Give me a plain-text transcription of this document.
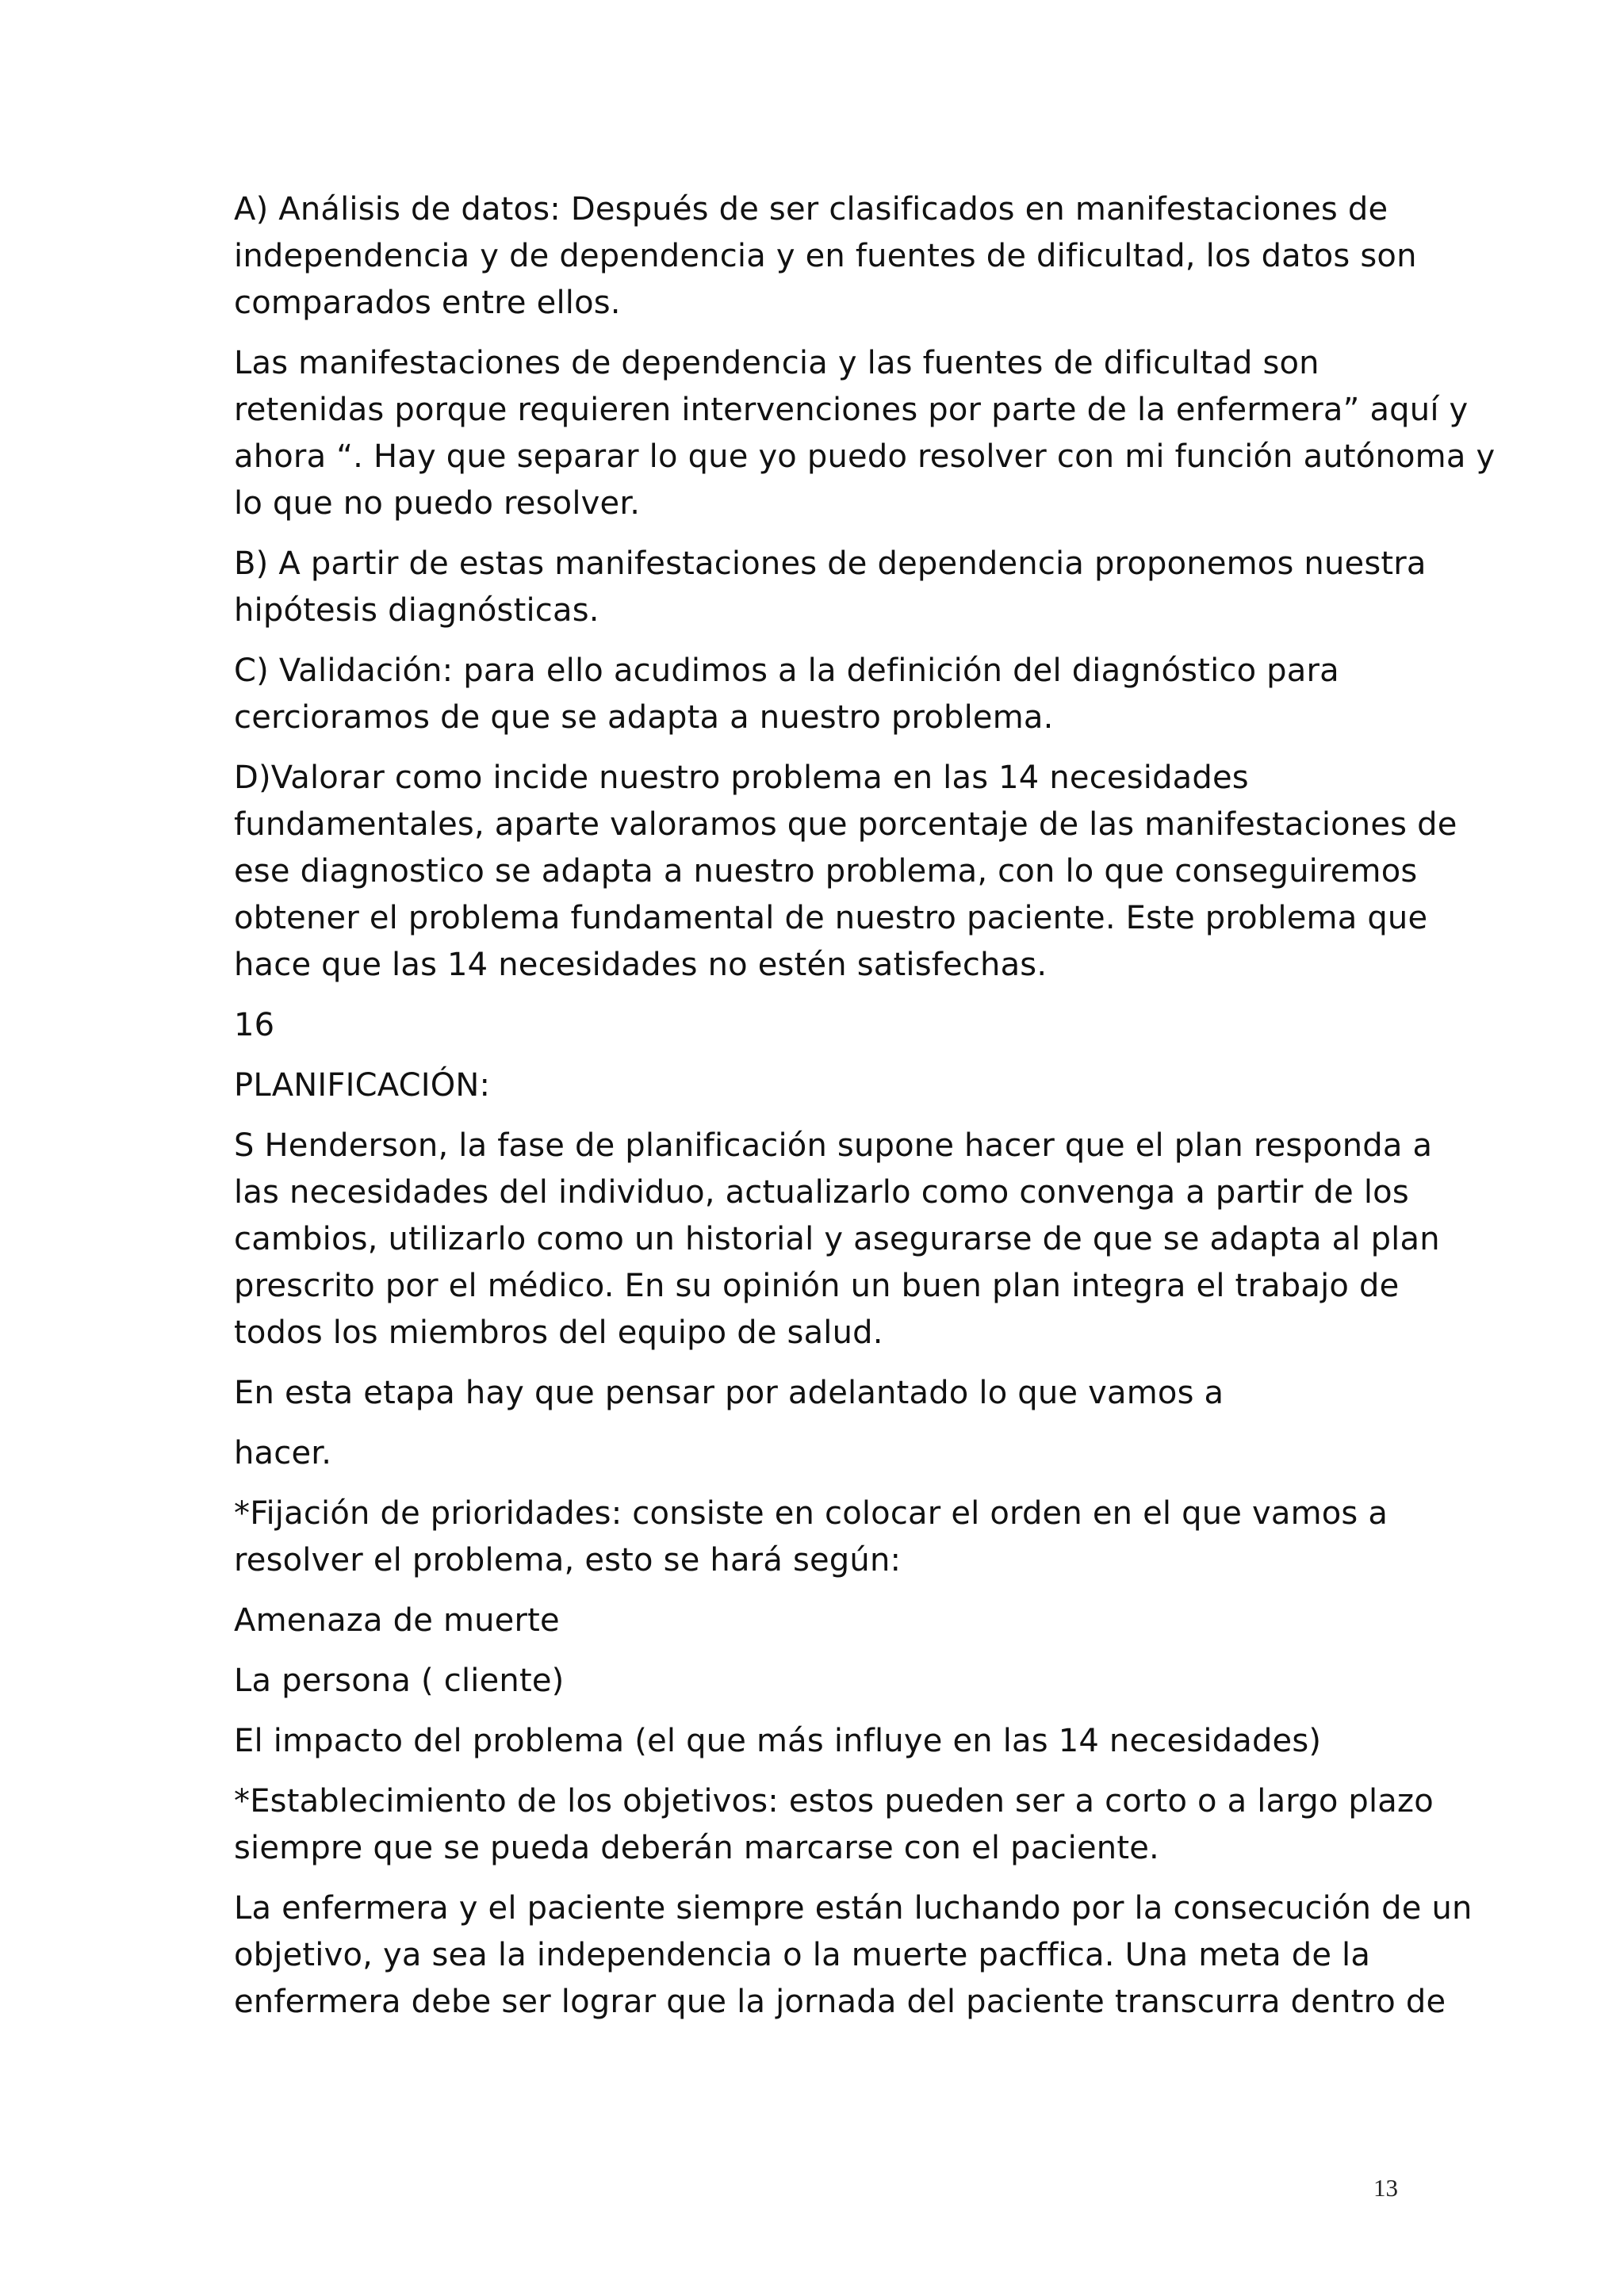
A) Análisis de datos: Después de ser clasificados en manifestaciones de
independencia y de dependencia y en fuentes de dificultad, los datos son
comparados entre ellos.

Las manifestaciones de dependencia y las fuentes de dificultad son
retenidas porque requieren intervenciones por parte de la enfermera” aquí y
ahora “. Hay que separar lo que yo puedo resolver con mi función autónoma y
lo que no puedo resolver.

B) A partir de estas manifestaciones de dependencia proponemos nuestra
hipótesis diagnósticas.

C) Validación: para ello acudimos a la definición del diagnóstico para
cercioramos de que se adapta a nuestro problema.

D)Valorar como incide nuestro problema en las 14 necesidades
fundamentales, aparte valoramos que porcentaje de las manifestaciones de
ese diagnostico se adapta a nuestro problema, con lo que conseguiremos
obtener el problema fundamental de nuestro paciente. Este problema que
hace que las 14 necesidades no estén satisfechas.

16

PLANIFICACIÓN:

S Henderson, la fase de planificación supone hacer que el plan responda a
las necesidades del individuo, actualizarlo como convenga a partir de los
cambios, utilizarlo como un historial y asegurarse de que se adapta al plan
prescrito por el médico. En su opinión un buen plan integra el trabajo de
todos los miembros del equipo de salud.

En esta etapa hay que pensar por adelantado lo que vamos a

hacer.

*Fijación de prioridades: consiste en colocar el orden en el que vamos a
resolver el problema, esto se hará según:

Amenaza de muerte

La persona ( cliente)

El impacto del problema (el que más influye en las 14 necesidades)

*Establecimiento de los objetivos: estos pueden ser a corto o a largo plazo
siempre que se pueda deberán marcarse con el paciente.

La enfermera y el paciente siempre están luchando por la consecución de un
objetivo, ya sea la independencia o la muerte pacffica. Una meta de la
enfermera debe ser lograr que la jornada del paciente transcurra dentro de

13
